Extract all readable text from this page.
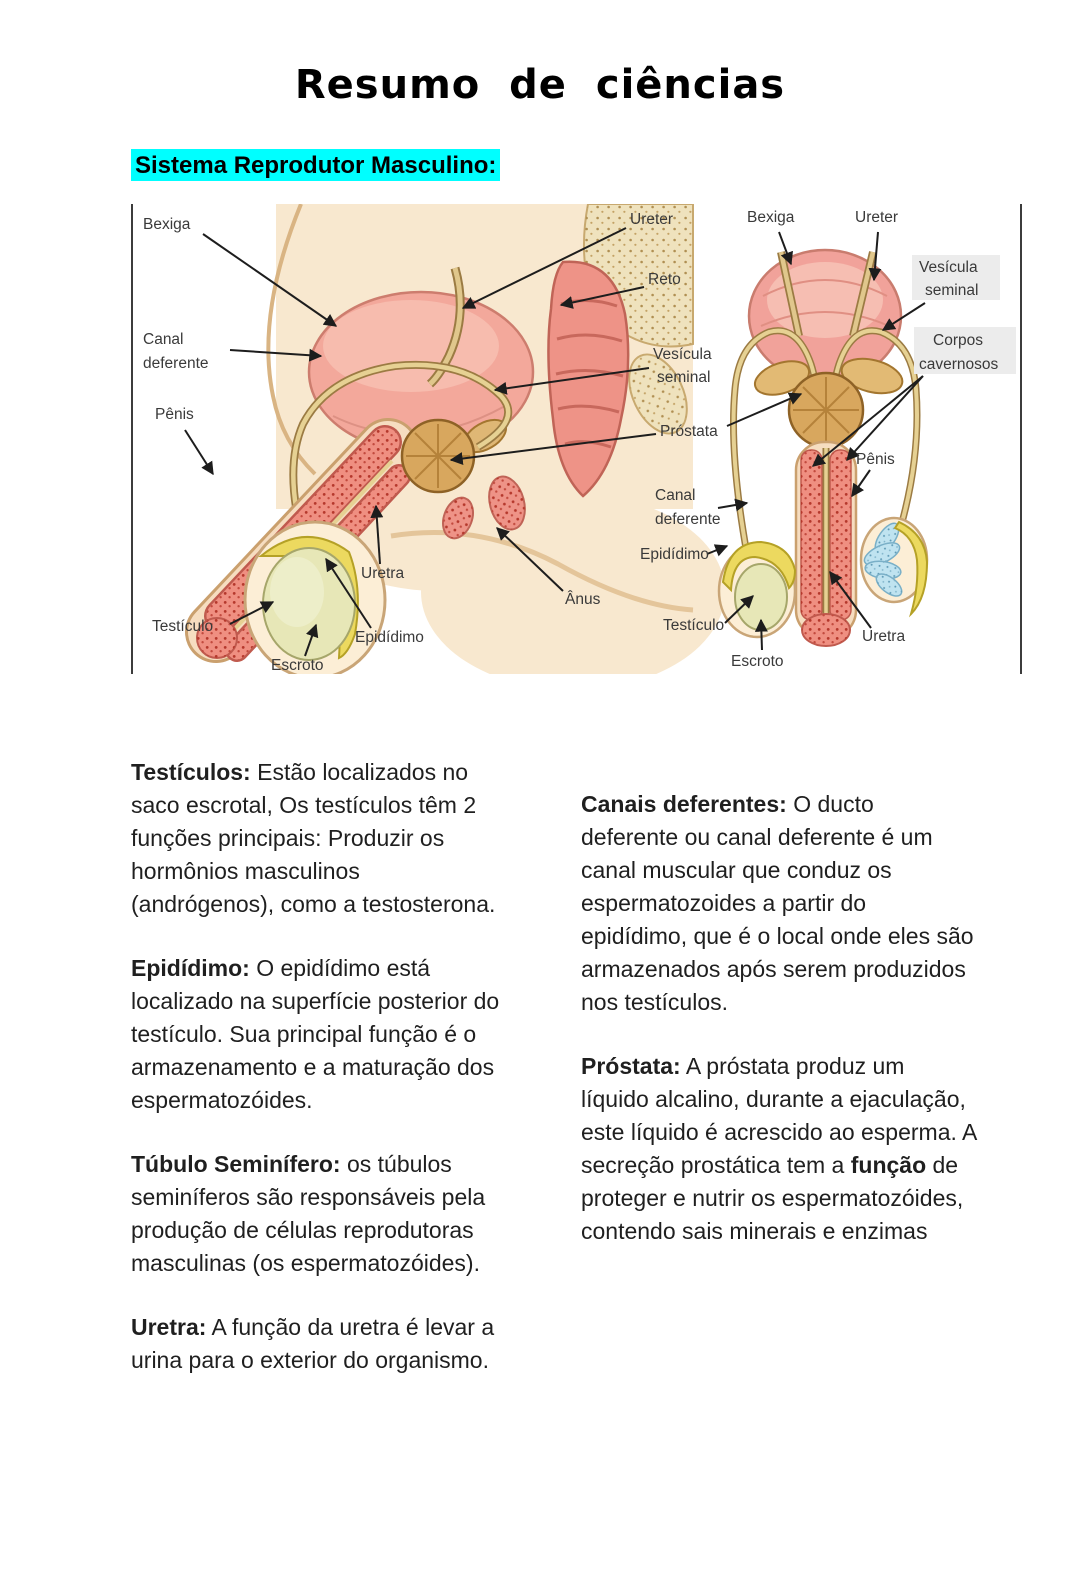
Resumo de ciências
Sistema Reprodutor Masculino:
Bexiga
Canal
deferente
Pênis
Testículo
Escroto
Epidídimo
Uretra
Ânus
Ureter
Reto
Vesícula
seminal
Próstata
Bexiga	Ureter
Vesícula
seminal
Corpos
cavernosos
Pênis
Canal
deferente
Epidídimo
Testículo
Escroto
Uretra

Testículos: Estão localizados no saco escrotal, Os testículos têm 2 funções principais: Produzir os hormônios masculinos (andrógenos), como a testosterona.

Epidídimo: O epidídimo está localizado na superfície posterior do testículo. Sua principal função é o armazenamento e a maturação dos espermatozóides.

Túbulo Seminífero: os túbulos seminíferos são responsáveis pela produção de células reprodutoras masculinas (os espermatozóides).

Uretra: A função da uretra é levar a urina para o exterior do organismo.

Canais deferentes: O ducto deferente ou canal deferente é um canal muscular que conduz os espermatozoides a partir do epidídimo, que é o local onde eles são armazenados após serem produzidos nos testículos.

Próstata: A próstata produz um líquido alcalino, durante a ejaculação, este líquido é acrescido ao esperma. A secreção prostática tem a função de proteger e nutrir os espermatozóides, contendo sais minerais e enzimas
